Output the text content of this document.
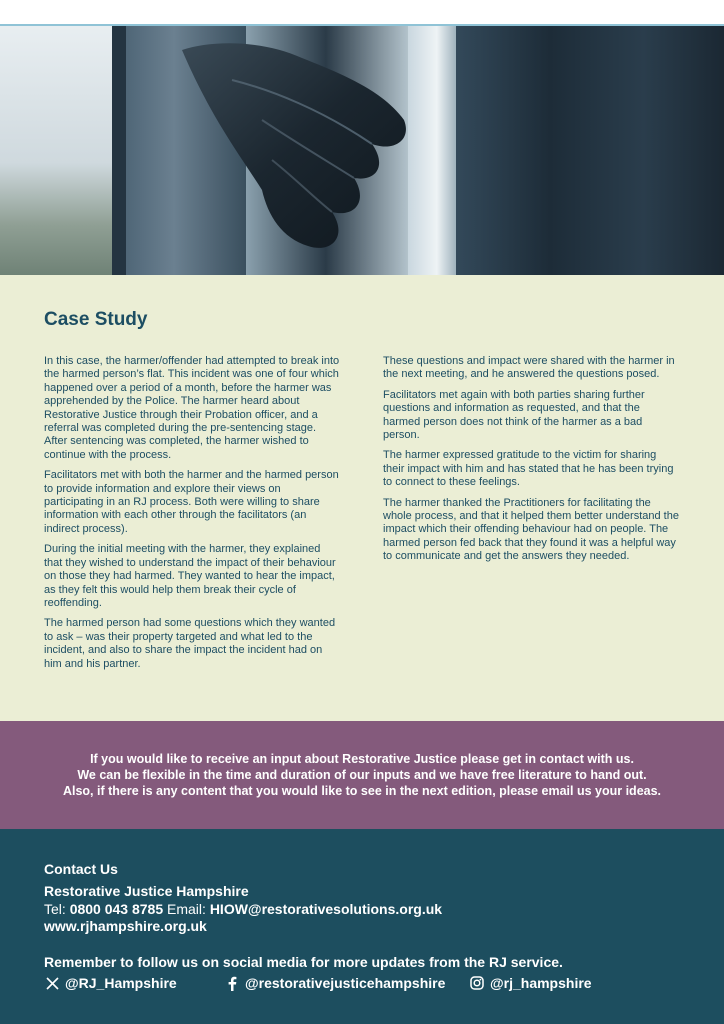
Case Study

In this case, the harmer/offender had attempted to break into the harmed person’s flat. This incident was one of four which happened over a period of a month, before the harmer was apprehended by the Police. The harmer heard about Restorative Justice through their Probation officer, and a referral was completed during the pre-sentencing stage. After sentencing was completed, the harmer wished to continue with the process.

Facilitators met with both the harmer and the harmed person to provide information and explore their views on participating in an RJ process. Both were willing to share information with each other through the facilitators (an indirect process).

During the initial meeting with the harmer, they explained that they wished to understand the impact of their behaviour on those they had harmed. They wanted to hear the impact, as they felt this would help them break their cycle of reoffending.

The harmed person had some questions which they wanted to ask – was their property targeted and what led to the incident, and also to share the impact the incident had on him and his partner.

These questions and impact were shared with the harmer in the next meeting, and he answered the questions posed.

Facilitators met again with both parties sharing further questions and information as requested, and that the harmed person does not think of the harmer as a bad person.

The harmer expressed gratitude to the victim for sharing their impact with him and has stated that he has been trying to connect to these feelings.

The harmer thanked the Practitioners for facilitating the whole process, and that it helped them better understand the impact which their offending behaviour had on people. The harmed person fed back that they found it was a helpful way to communicate and get the answers they needed.

If you would like to receive an input about Restorative Justice please get in contact with us.

We can be flexible in the time and duration of our inputs and we have free literature to hand out.

Also, if there is any content that you would like to see in the next edition, please email us your ideas.

Contact Us
Restorative Justice Hampshire
Tel: 0800 043 8785 Email: HIOW@restorativesolutions.org.uk
www.rjhampshire.org.uk
Remember to follow us on social media for more updates from the RJ service.
@RJ_Hampshire	@restorativejusticehampshire	@rj_hampshire
